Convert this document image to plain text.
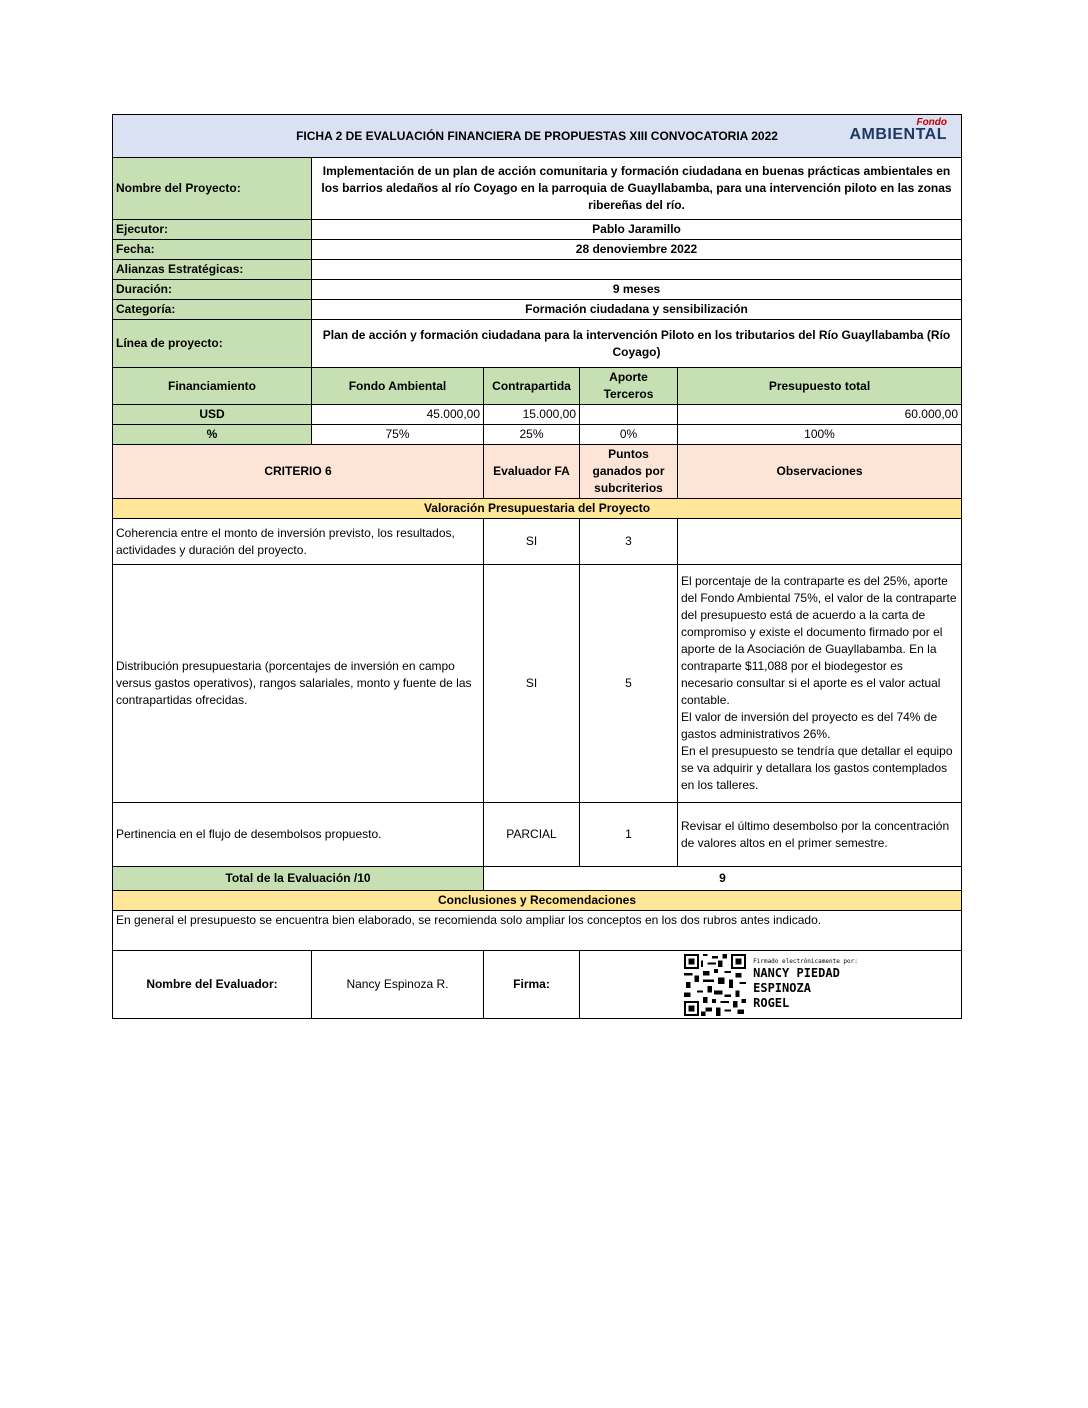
FICHA 2 DE EVALUACIÓN FINANCIERA DE PROPUESTAS XIII CONVOCATORIA 2022
Fondo
AMBIENTAL				

Nombre del Proyecto:	Implementación de un plan de acción comunitaria y formación ciudadana en buenas prácticas ambientales en los barrios aledaños al río Coyago en la parroquia de Guayllabamba, para una intervención piloto en las zonas ribereñas del río.			
Ejecutor:	Pablo Jaramillo			
Fecha:	28 denoviembre 2022			
Alianzas Estratégicas:				
Duración:	9 meses			
Categoría:	Formación ciudadana y sensibilización			
Línea de proyecto:	Plan de acción y formación ciudadana para la intervención Piloto en los tributarios del Río Guayllabamba (Río Coyago)			
Financiamiento	Fondo Ambiental	Contrapartida	Aporte Terceros	Presupuesto total
USD	45.000,00	15.000,00		60.000,00
%	75%	25%	0%	100%
CRITERIO 6		Evaluador FA	Puntos ganados por subcriterios	Observaciones
Valoración Presupuestaria del Proyecto				
Coherencia entre el monto de inversión previsto, los resultados, actividades y duración del proyecto.		SI	3	
Distribución presupuestaria (porcentajes de inversión en campo versus gastos operativos), rangos salariales, monto y fuente de las contrapartidas ofrecidas.		SI	5	El porcentaje de la contraparte es del 25%, aporte del Fondo Ambiental 75%, el valor de la contraparte del presupuesto está de acuerdo a la carta de compromiso y existe el documento firmado por el aporte de la Asociación de Guayllabamba. En la contraparte $11,088 por el biodegestor es necesario consultar si el aporte es el valor actual contable.
El valor de inversión del proyecto es del 74% de gastos administrativos 26%.
En el presupuesto se tendría que detallar el equipo se va adquirir y detallara los gastos contemplados en los talleres.
Pertinencia en el flujo de desembolsos propuesto.		PARCIAL	1	Revisar el último desembolso por la concentración de valores altos en el primer semestre.
Total de la Evaluación /10		9		
Conclusiones y Recomendaciones				
En general el presupuesto se encuentra bien elaborado, se recomienda solo ampliar los conceptos en los dos rubros antes indicado.				
Nombre del Evaluador:	Nancy Espinoza R.	Firma:	Firmado electrónicamente por:
NANCY PIEDAD
ESPINOZA
ROGEL	
